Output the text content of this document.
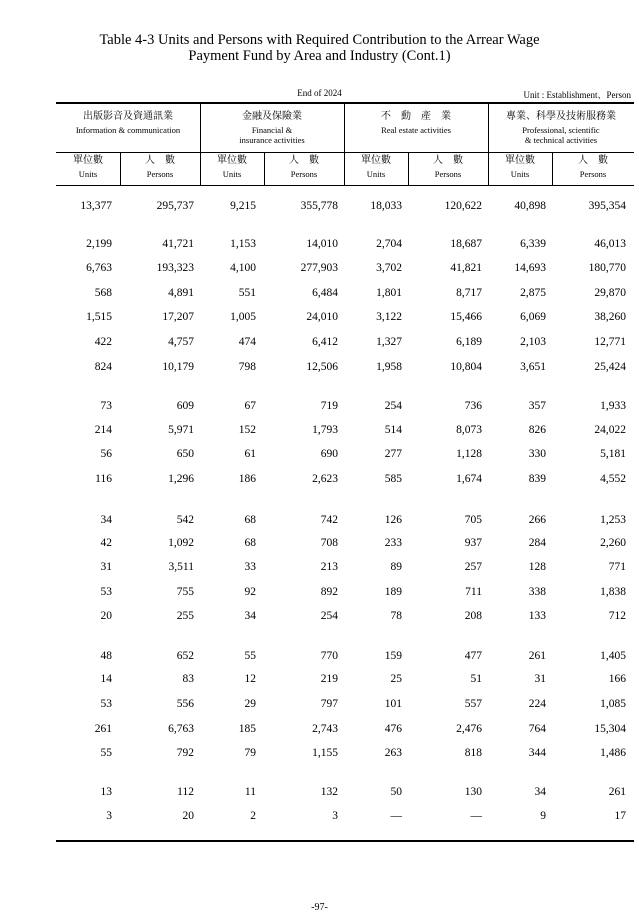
Table 4-3 Units and Persons with Required Contribution to the Arrear Wage
Payment Fund by Area and Industry (Cont.1)
End of 2024	Unit : Establishment、Person
出版影音及資通訊業
Information & communication
金融及保險業
Financial &
insurance activities
不　動　產　業
Real estate activities
專業、科學及技術服務業
Professional, scientific
& technical activities
單位數
Units
人　數
Persons
單位數
Units
人　數
Persons
單位數
Units
人　數
Persons
單位數
Units
人　數
Persons
13,377	295,737	9,215	355,778	18,033	120,622	40,898	395,354
2,199	41,721	1,153	14,010	2,704	18,687	6,339	46,013
6,763	193,323	4,100	277,903	3,702	41,821	14,693	180,770
568	4,891	551	6,484	1,801	8,717	2,875	29,870
1,515	17,207	1,005	24,010	3,122	15,466	6,069	38,260
422	4,757	474	6,412	1,327	6,189	2,103	12,771
824	10,179	798	12,506	1,958	10,804	3,651	25,424
73	609	67	719	254	736	357	1,933
214	5,971	152	1,793	514	8,073	826	24,022
56	650	61	690	277	1,128	330	5,181
116	1,296	186	2,623	585	1,674	839	4,552
34	542	68	742	126	705	266	1,253
42	1,092	68	708	233	937	284	2,260
31	3,511	33	213	89	257	128	771
53	755	92	892	189	711	338	1,838
20	255	34	254	78	208	133	712
48	652	55	770	159	477	261	1,405
14	83	12	219	25	51	31	166
53	556	29	797	101	557	224	1,085
261	6,763	185	2,743	476	2,476	764	15,304
55	792	79	1,155	263	818	344	1,486
13	112	11	132	50	130	34	261
3	20	2	3	—	—	9	17
-97-
